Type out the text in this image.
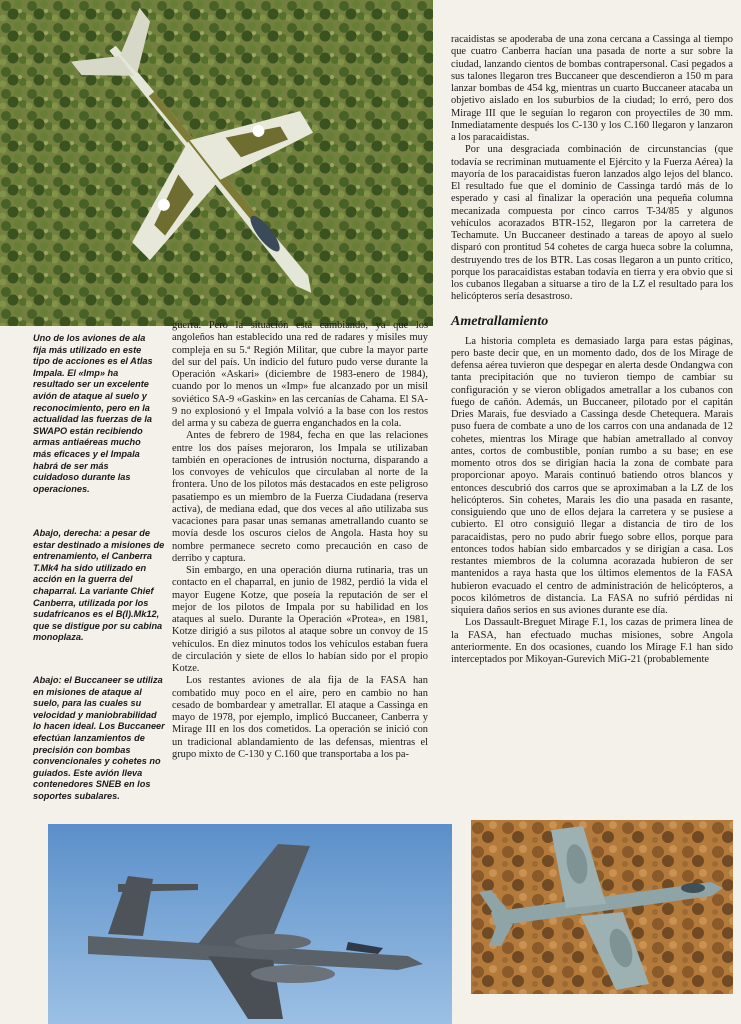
Uno de los aviones de ala fija más utilizado en este tipo de acciones es el Atlas Impala. El «Imp» ha resultado ser un excelente avión de ataque al suelo y reconocimiento, pero en la actualidad las fuerzas de la SWAPO están recibiendo armas antiaéreas mucho más eficaces y el Impala habrá de ser más cuidadoso durante las operaciones.

Abajo, derecha: a pesar de estar destinado a misiones de entrenamiento, el Canberra T.Mk4 ha sido utilizado en acción en la guerra del chaparral. La variante Chief Canberra, utilizada por los sudafricanos es el B(I).Mk12, que se distigue por su cabina monoplaza.

Abajo: el Buccaneer se utiliza en misiones de ataque al suelo, para las cuales su velocidad y maniobrabilidad lo hacen ideal. Los Buccaneer efectúan lanzamientos de precisión con bombas convencionales y cohetes no guiados. Este avión lleva contenedores SNEB en los soportes subalares.

guerra. Pero la situación está cambiando, ya que los angoleños han establecido una red de radares y misiles muy compleja en su 5.ª Región Militar, que cubre la mayor parte del sur del país. Un indicio del futuro pudo verse durante la Operación «Askari» (diciembre de 1983-enero de 1984), cuando por lo menos un «Imp» fue alcanzado por un misil soviético SA-9 «Gaskin» en las cercanías de Cahama. El SA-9 no explosionó y el Impala volvió a la base con los restos del arma y su cabeza de guerra enganchados en la cola.

Antes de febrero de 1984, fecha en que las relaciones entre los dos países mejoraron, los Impala se utilizaban también en operaciones de intrusión nocturna, disparando a los convoyes de vehículos que circulaban al norte de la frontera. Uno de los pilotos más destacados en este peligroso pasatiempo es un miembro de la Fuerza Ciudadana (reserva activa), de mediana edad, que dos veces al año utilizaba sus vacaciones para pasar unas semanas ametrallando cuanto se movía desde los oscuros cielos de Angola. Hasta hoy su nombre permanece secreto como precaución en caso de derribo y captura.

Sin embargo, en una operación diurna rutinaria, tras un contacto en el chaparral, en junio de 1982, perdió la vida el mayor Eugene Kotze, que poseía la reputación de ser el mejor de los pilotos de Impala por su habilidad en los ataques al suelo. Durante la Operación «Protea», en 1981, Kotze dirigió a sus pilotos al ataque sobre un convoy de 15 vehículos. En diez minutos todos los vehículos estaban fuera de circulación y siete de ellos lo habían sido por el propio Kotze.

Los restantes aviones de ala fija de la FASA han combatido muy poco en el aire, pero en cambio no han cesado de bombardear y ametrallar. El ataque a Cassinga en mayo de 1978, por ejemplo, implicó Buccaneer, Canberra y Mirage III en los dos cometidos. La operación se inició con un tradicional ablandamiento de las defensas, mientras el grupo mixto de C-130 y C.160 que transportaba a los pa-

racaidistas se apoderaba de una zona cercana a Cassinga al tiempo que cuatro Canberra hacían una pasada de norte a sur sobre la ciudad, lanzando cientos de bombas contrapersonal. Casi pegados a sus talones llegaron tres Buccaneer que descendieron a 150 m para lanzar bombas de 454 kg, mientras un cuarto Buccaneer atacaba un objetivo aislado en los suburbios de la ciudad; lo erró, pero dos Mirage III que le seguían lo regaron con proyectiles de 30 mm. Inmediatamente después los C-130 y los C.160 llegaron y lanzaron a los paracaidistas.

Por una desgraciada combinación de circunstancias (que todavía se recriminan mutuamente el Ejército y la Fuerza Aérea) la mayoría de los paracaidistas fueron lanzados algo lejos del blanco. El resultado fue que el dominio de Cassinga tardó más de lo esperado y casi al finalizar la operación una pequeña columna mecanizada compuesta por cinco carros T-34/85 y algunos vehículos acorazados BTR-152, llegaron por la carretera de Techamute. Un Buccaneer destinado a tareas de apoyo al suelo disparó con prontitud 54 cohetes de carga hueca sobre la columna, destruyendo tres de los BTR. Las cosas llegaron a un punto crítico, porque los paracaidistas estaban todavía en tierra y era obvio que si los cubanos llegaban a situarse a tiro de la LZ el resultado para los helicópteros sería desastroso.

Ametrallamiento

La historia completa es demasiado larga para estas páginas, pero baste decir que, en un momento dado, dos de los Mirage de defensa aérea tuvieron que despegar en alerta desde Ondangwa con tanta precipitación que no tuvieron tiempo de cambiar su configuración y se vieron obligados ametrallar a los cubanos con fuego de cañón. Además, un Buccaneer, pilotado por el capitán Dries Marais, fue desviado a Cassinga desde Chetequera. Marais puso fuera de combate a uno de los carros con una andanada de 12 cohetes, mientras los Mirage que habían ametrallado al convoy antes, cortos de combustible, ponían rumbo a su base; en ese momento otros dos se dirigían hacia la zona de combate para proporcionar apoyo. Marais continuó batiendo otros blancos y entonces descubrió dos carros que se aproximaban a la LZ de los helicópteros. Sin cohetes, Marais les dio una pasada en rasante, consiguiendo que uno de ellos dejara la carretera y se pusiese a cubierto. El otro consiguió llegar a distancia de tiro de los paracaidistas, pero no pudo abrir fuego sobre ellos, porque para entonces todos habían sido embarcados y se dirigían a casa. Los restantes miembros de la columna acorazada hubieron de ser mantenidos a raya hasta que los últimos elementos de la FASA hubieron evacuado el centro de administración de helicópteros, a pocos kilómetros de distancia. La FASA no sufrió pérdidas ni siquiera daños serios en sus aviones durante ese día.

Los Dassault-Breguet Mirage F.1, los cazas de primera línea de la FASA, han efectuado muchas misiones, sobre Angola anteriormente. En dos ocasiones, cuando los Mirage F.1 han sido interceptados por Mikoyan-Gurevich MiG-21 (probablemente
